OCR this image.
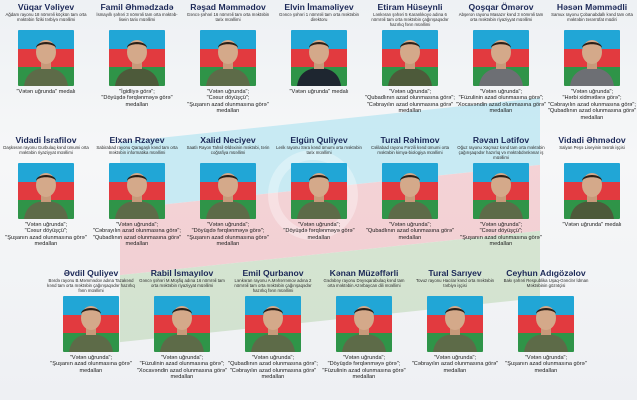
Vüqar Vəliyev
Ağdam rayonu 18 nömrəli köçkün tam orta məktəbin fiziki tərbiyə müəllimi
"Vətən uğrunda" medalı
Famil Əhmədzadə
İsmayıllı şəhəri 3 nömrəli tam orta məktəb-lisein tarix müəllimi
"İgidliyə görə";
"Döyüşdə fərqlənməyə görə" medalları
Rəşad Məmmədov
Gəncə şəhəri 16 nömrəli tam orta məktəbin tarix müəllimi
"Vətən uğrunda";
"Cəsur döyüşçü";
"Şuşanın azad olunmasına görə" medalları
Elvin İmaməliyev
Gəncə şəhəri 1 nömrəli tam orta məktəbin direktoru
"Vətən uğrunda" medalı
Etiram Hüseynli
Lənkəran şəhəri 5 Karanlıkoyo adına 6 nömrəli tam orta məktəbin çağırışaqədər hazırlıq fənn müəllimi
"Vətən uğrunda";
"Qubadlının azad olunmasına görə";
"Cəbrayılın azad olunmasına görə" medalları
Qoşqar Ömərov
Abşeron rayonu Masazır kənd 3 nömrəli tam orta məktəbin riyaziyyat müəllimi
"Vətən uğrunda";
"Füzulinin azad olunmasına görə";
"Xocavəndin azad olunmasına görə" medalları
Həsən Məmmədli
Samux rayonu Çobanabdallı kənd tam orta məktəbin təsərrüfat müdiri
"Vətən uğrunda";
"Hərbi xidmətlərə görə";
"Cəbrayılın azad olunmasına görə";
"Qubadlının azad olunmasına görə" medalları
Vidadi İsrafilov
Daşkəsən rayonu Gurbulaq kənd ümumi orta məktəbin riyaziyyat müəllimi
"Vətən uğrunda";
"Cəsur döyüşçü";
"Şuşanın azad olunmasına görə" medalları
Elxan Rzayev
Sabirabad rayonu Qaragaşlı kənd tam orta məktəbin informatika müəllimi
"Vətən uğrunda";
"Cəbrayılın azad olunmasına görə";
"Qubadlının azad olunmasına görə" medalları
Xalid Neciyev
Saatlı Rayon Tahsil Əldəxinin məktəbi, tərin coğrafiya müəllimi
"Vətən uğrunda";
"Döyüşdə fərqlənməyə görə";
"Şuşanın azad olunmasına görə" medalları
Elgün Quliyev
Lerik rayonu Səra kənd ümumi orta məktəbin tarix müəllimi
"Vətən uğrunda";
"Döyüşdə fərqlənməyə görə" medalları
Tural Rəhimov
Cəlilabad rayonu Fərzili kənd ümumi orta məktəbin kimya-biologiya müəllimi
"Vətən uğrunda";
"Qubadlının azad olunmasına görə" medalları
Rəvan Lətifov
Oğuz rayonu Xaçmaz kənd tam orta məktəbin çağırışaqədər hazırlıq və məktəbdənkənar iş müəllimi
"Vətən uğrunda";
"Cəsur döyüşçü";
"Şuşanın azad olunmasına görə" medalları
Vidadi Əhmədov
Salyan Peşə Liseyinin təsrük işçisi
"Vətən uğrunda" medalı
Əvdil Quliyev
Bərdə rayonu B.Məmmədov adına Tazakənd kənd tam orta məktəbin çağırışaqədər hazırlıq fənn müəllimi
"Vətən uğrunda";
"Şuşanın azad olunmasına görə" medalları
Rabil İsmayılov
Gəncə şəhəri M.Müşfiq adına 16 nömrəli tam orta məktəbin riyaziyyat müəllimi
"Vətən uğrunda";
"Füzulinin azad olunmasına görə";
"Xocavəndin azad olunmasına görə" medalları
Emil Qurbanov
Lənkəran rayonu A.Məhərrəmov adına 2 nömrəli tam orta məktəbin çağırışaqədər hazırlıq fənn müəllimi
"Vətən uğrunda";
"Qubadlının azad olunmasına görə";
"Cəbrayılın azad olunmasına görə" medalları
Kənan Müzəffərli
Gədəbəy rayonu Dəyəqarabulaq kənd tam orta məktəbin Azərbaycan dili müəllimi
"Vətən uğrunda";
"Döyüşdə fərqlənməyə görə";
"Füzulinin azad olunmasına görə" medalları
Tural Sarıyev
Tovuz rayonu Hacılar kənd orta məktəbin tərbiyə işçisi
"Vətən uğrunda";
"Cəbrayılın azad olunmasına görə" medalları
Ceyhun Adıgözəlov
Bakı şəhəri Respublika Uşaq-Gənclər İdman Məktəbinin gözətçisi
"Vətən uğrunda";
"Şuşanın azad olunmasına görə" medalları
